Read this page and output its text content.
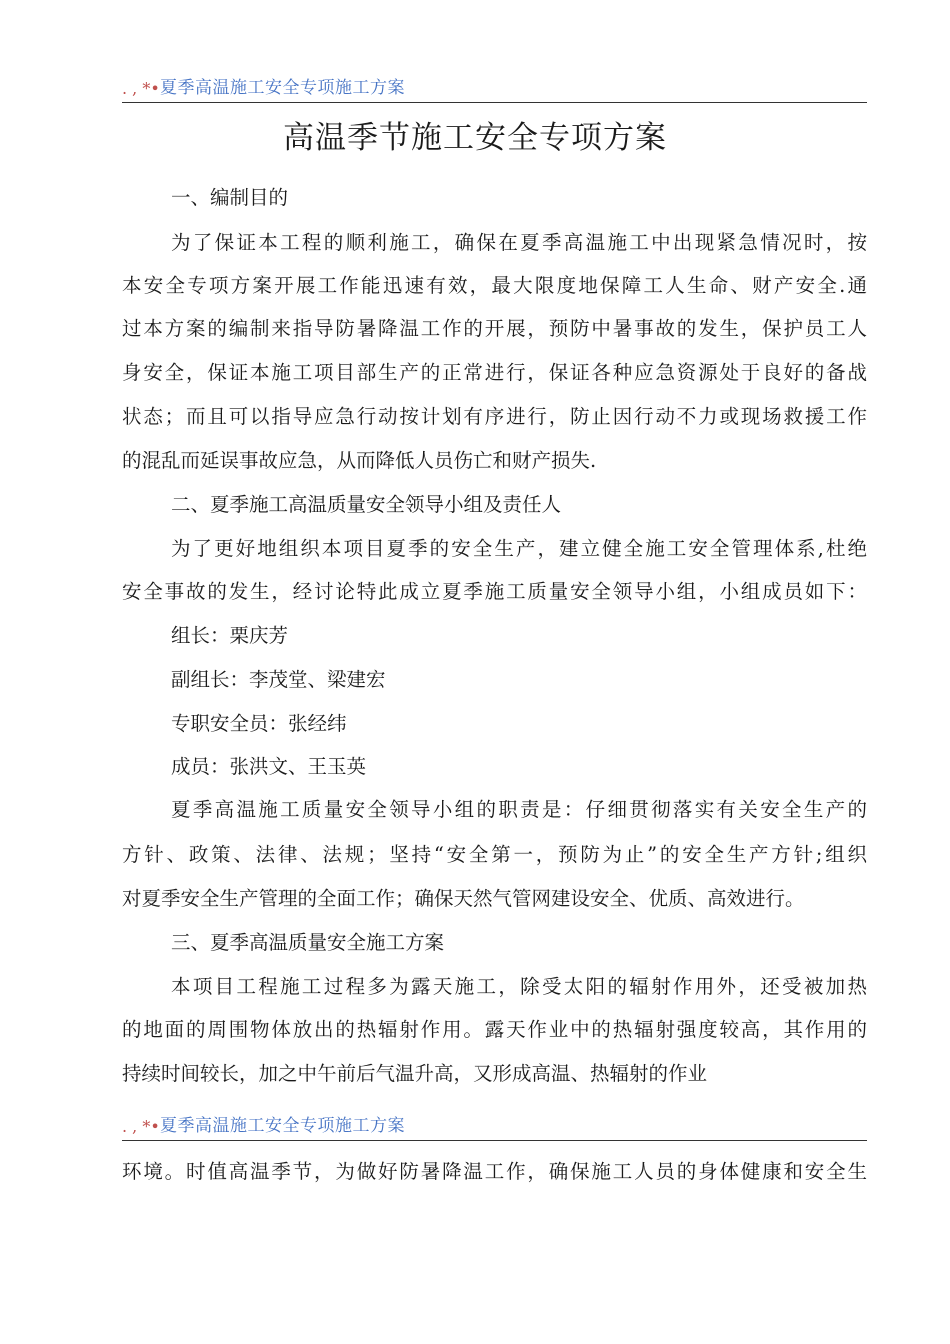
. , *• 夏季高温施工安全专项施工方案
高温季节施工安全专项方案
一、编制目的
为了保证本工程的顺利施工，确保在夏季高温施工中出现紧急情况时，按
本安全专项方案开展工作能迅速有效，最大限度地保障工人生命、财产安全.通
过本方案的编制来指导防暑降温工作的开展，预防中暑事故的发生，保护员工人
身安全，保证本施工项目部生产的正常进行，保证各种应急资源处于良好的备战
状态；而且可以指导应急行动按计划有序进行，防止因行动不力或现场救援工作
的混乱而延误事故应急，从而降低人员伤亡和财产损失.
二、夏季施工高温质量安全领导小组及责任人
为了更好地组织本项目夏季的安全生产，建立健全施工安全管理体系,杜绝
安全事故的发生，经讨论特此成立夏季施工质量安全领导小组，小组成员如下：
组长：栗庆芳
副组长：李茂堂、梁建宏
专职安全员：张经纬
成员：张洪文、王玉英
夏季高温施工质量安全领导小组的职责是：仔细贯彻落实有关安全生产的
方针、政策、法律、法规；坚持“安全第一，预防为止”的安全生产方针;组织
对夏季安全生产管理的全面工作；确保天然气管网建设安全、优质、高效进行。
三、夏季高温质量安全施工方案
本项目工程施工过程多为露天施工，除受太阳的辐射作用外，还受被加热
的地面的周围物体放出的热辐射作用。露天作业中的热辐射强度较高，其作用的
持续时间较长，加之中午前后气温升高，又形成高温、热辐射的作业
. , *• 夏季高温施工安全专项施工方案
环境。时值高温季节，为做好防暑降温工作，确保施工人员的身体健康和安全生
